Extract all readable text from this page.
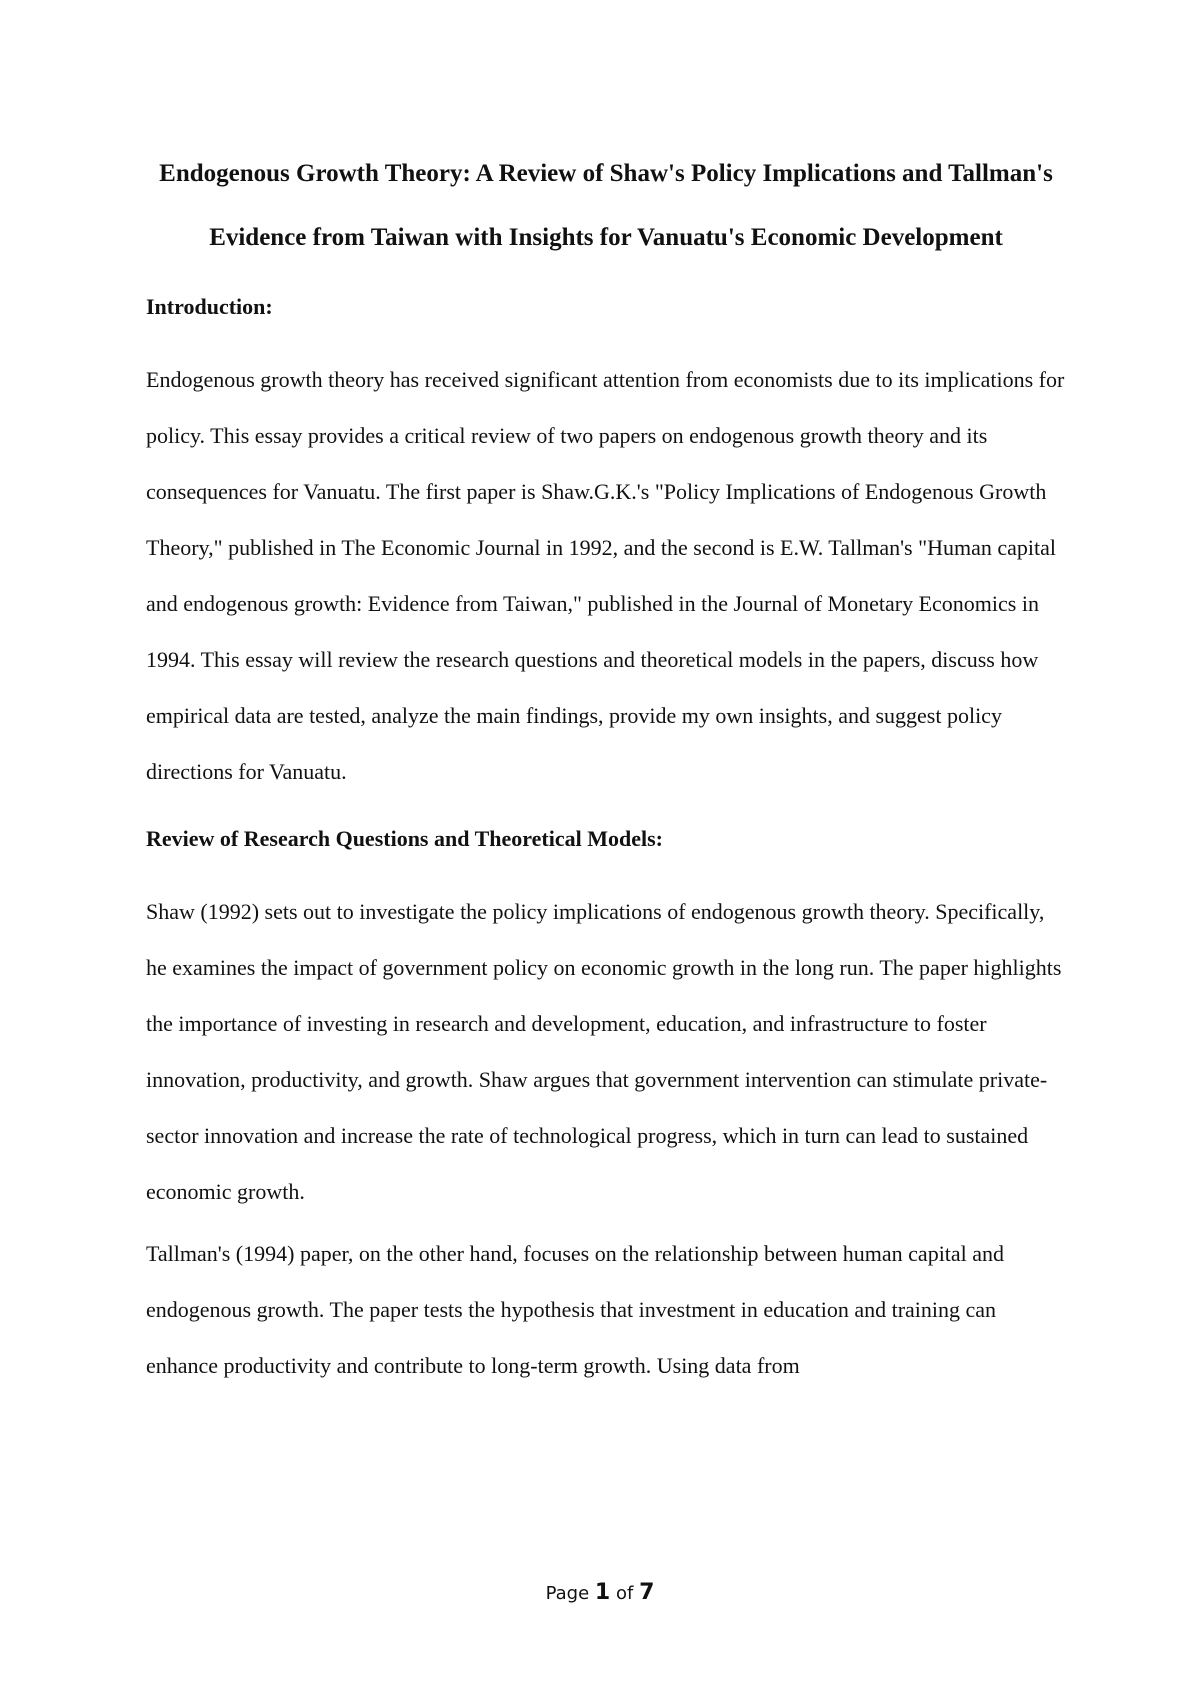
Endogenous Growth Theory: A Review of Shaw's Policy Implications and Tallman's Evidence from Taiwan with Insights for Vanuatu's Economic Development

Introduction:

Endogenous growth theory has received significant attention from economists due to its implications for policy. This essay provides a critical review of two papers on endogenous growth theory and its consequences for Vanuatu. The first paper is Shaw.G.K.'s "Policy Implications of Endogenous Growth Theory," published in The Economic Journal in 1992, and the second is E.W. Tallman's "Human capital and endogenous growth: Evidence from Taiwan," published in the Journal of Monetary Economics in 1994. This essay will review the research questions and theoretical models in the papers, discuss how empirical data are tested, analyze the main findings, provide my own insights, and suggest policy directions for Vanuatu.

Review of Research Questions and Theoretical Models:

Shaw (1992) sets out to investigate the policy implications of endogenous growth theory. Specifically, he examines the impact of government policy on economic growth in the long run. The paper highlights the importance of investing in research and development, education, and infrastructure to foster innovation, productivity, and growth. Shaw argues that government intervention can stimulate private-sector innovation and increase the rate of technological progress, which in turn can lead to sustained economic growth.

Tallman's (1994) paper, on the other hand, focuses on the relationship between human capital and endogenous growth. The paper tests the hypothesis that investment in education and training can enhance productivity and contribute to long-term growth. Using data from

Page 1 of 7
